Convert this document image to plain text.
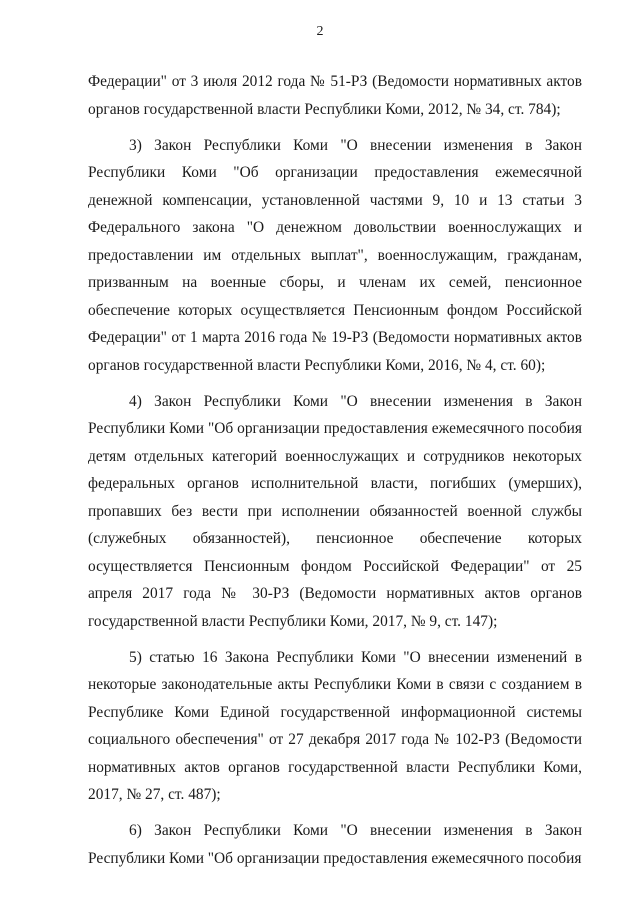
2

Федерации" от 3 июля 2012 года № 51-РЗ (Ведомости нормативных актов органов государственной власти Республики Коми, 2012, № 34, ст. 784);

3) Закон Республики Коми "О внесении изменения в Закон Республики Коми "Об организации предоставления ежемесячной денежной компенсации, установленной частями 9, 10 и 13 статьи 3 Федерального закона "О денежном довольствии военнослужащих и предоставлении им отдельных выплат", военнослужащим, гражданам, призванным на военные сборы, и членам их семей, пенсионное обеспечение которых осуществляется Пенсионным фондом Российской Федерации" от 1 марта 2016 года № 19-РЗ (Ведомости нормативных актов органов государственной власти Республики Коми, 2016, № 4, ст. 60);

4) Закон Республики Коми "О внесении изменения в Закон Республики Коми "Об организации предоставления ежемесячного пособия детям отдельных категорий военнослужащих и сотрудников некоторых федеральных органов исполнительной власти, погибших (умерших), пропавших без вести при исполнении обязанностей военной службы (служебных обязанностей), пенсионное обеспечение которых осуществляется Пенсионным фондом Российской Федерации" от 25 апреля 2017 года № 30-РЗ (Ведомости нормативных актов органов государственной власти Республики Коми, 2017, № 9, ст. 147);

5) статью 16 Закона Республики Коми "О внесении изменений в некоторые законодательные акты Республики Коми в связи с созданием в Республике Коми Единой государственной информационной системы социального обеспечения" от 27 декабря 2017 года № 102-РЗ (Ведомости нормативных актов органов государственной власти Республики Коми, 2017, № 27, ст. 487);

6) Закон Республики Коми "О внесении изменения в Закон Республики Коми "Об организации предоставления ежемесячного пособия
